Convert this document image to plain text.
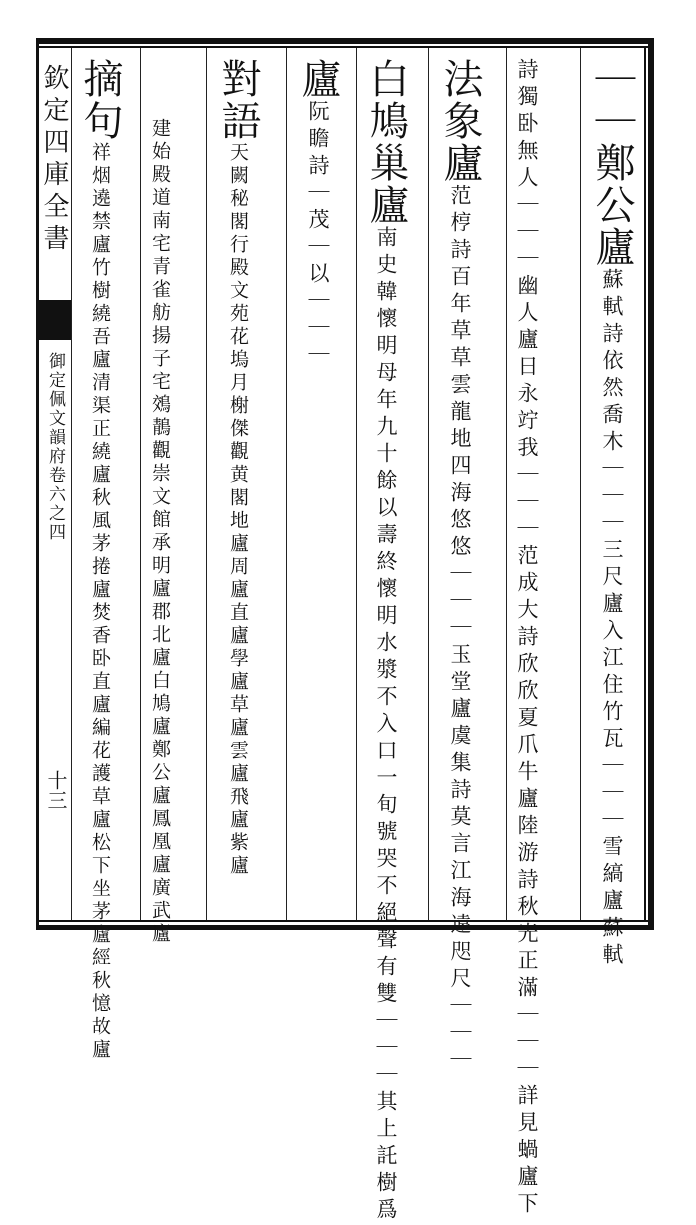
欽定四庫全書
御定佩文韻府卷六之四
十三
｜｜鄭公廬蘇軾詩依然喬木｜｜｜三尺廬入江住竹瓦｜｜｜雪縞廬蘇軾
詩獨卧無人｜｜｜幽人廬日永竚我｜｜｜范成大詩欣欣夏爪牛廬陸游詩秋光正滿｜｜｜詳見蝸廬下
法象廬范梈詩百年草草雲龍地四海悠悠｜｜｜玉堂廬虞集詩莫言江海遠咫尺｜｜｜
白鳩巢廬南史韓懷明母年九十餘以壽終懷明水漿不入口一旬號哭不絕聲有雙｜｜｜其上託樹爲
廬阮瞻詩｜茂｜以｜｜｜
對語天闕秘閣行殿文苑花塢月榭傑觀黄閣地廬周廬直廬學廬草廬雲廬飛廬紫廬
建始殿道南宅青雀舫揚子宅鵁鶄觀崇文館承明廬郡北廬白鳩廬鄭公廬鳳凰廬廣武廬
摘句祥烟遶禁廬竹樹繞吾廬清渠正繞廬秋風茅捲廬焚香卧直廬編花護草廬松下坐茅廬經秋憶故廬
